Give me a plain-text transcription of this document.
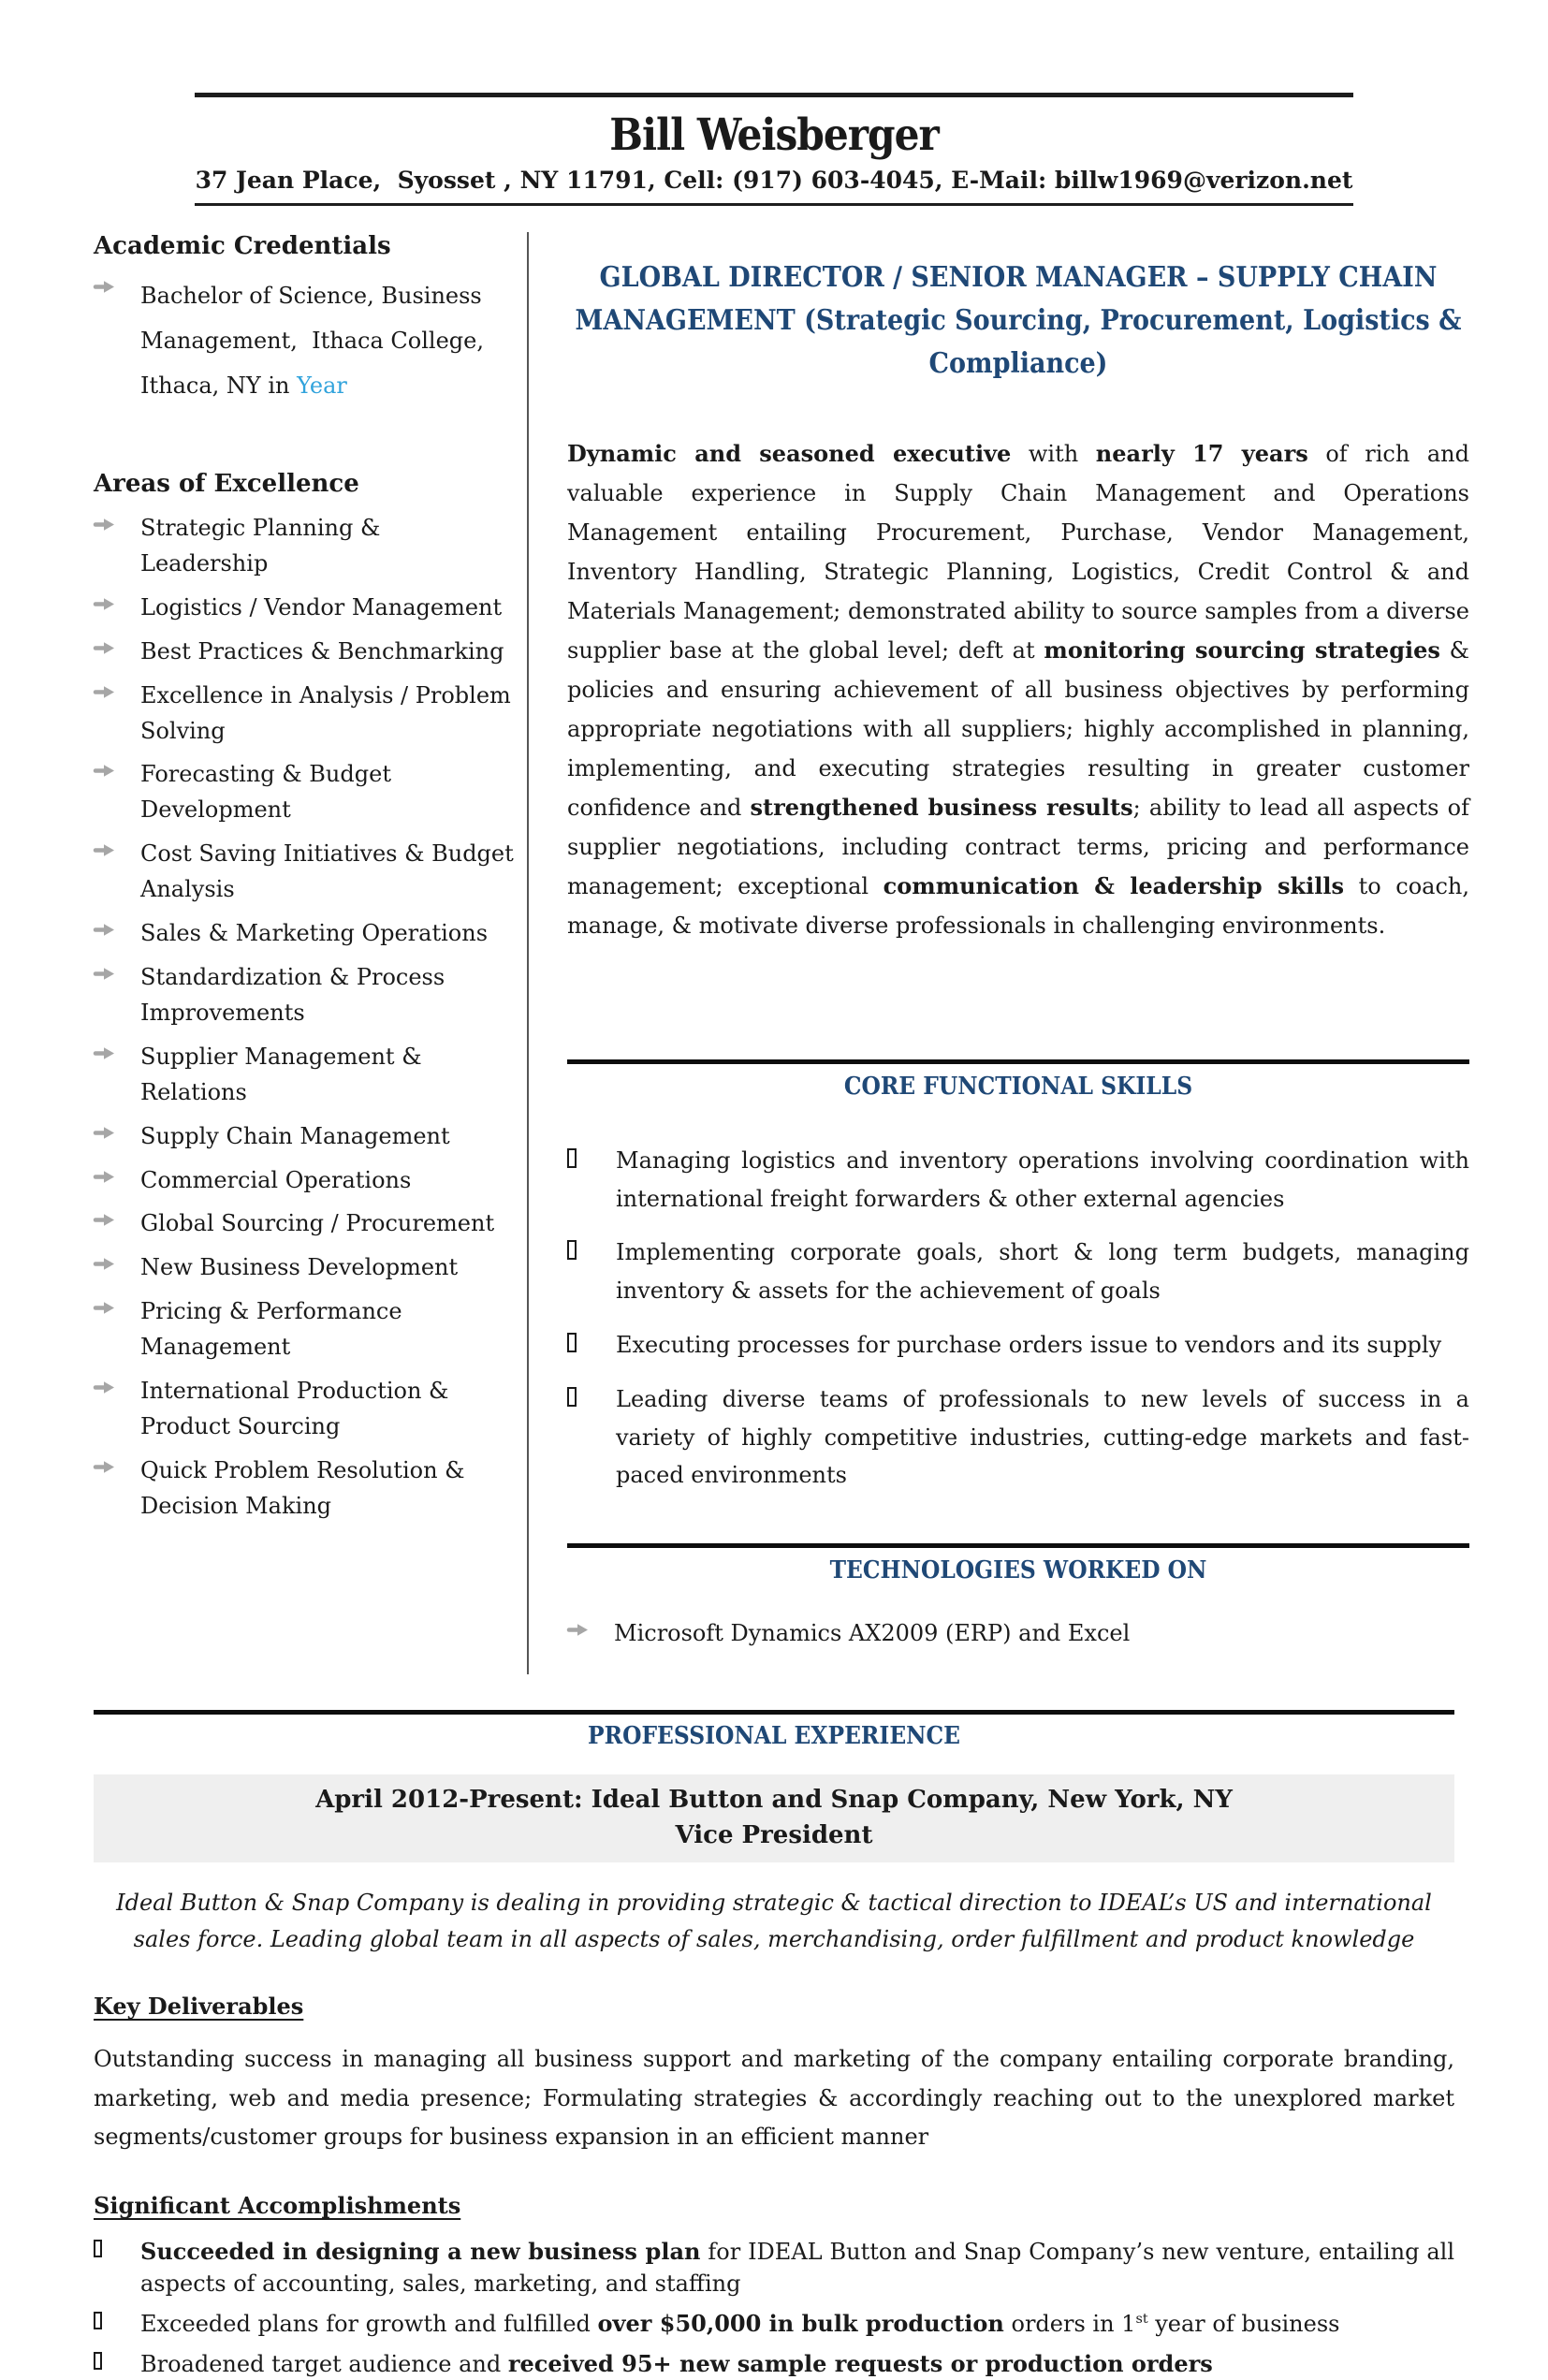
Bill Weisberger
37 Jean Place,  Syosset , NY 11791, Cell: (917) 603-4045, E-Mail: billw1969@verizon.net
Academic Credentials
Bachelor of Science, Business Management,  Ithaca College, Ithaca, NY in Year
Areas of Excellence
Strategic Planning & Leadership
Logistics / Vendor Management
Best Practices & Benchmarking
Excellence in Analysis / Problem Solving
Forecasting & Budget Development
Cost Saving Initiatives & Budget Analysis
Sales & Marketing Operations
Standardization & Process Improvements
Supplier Management & Relations
Supply Chain Management
Commercial Operations
Global Sourcing / Procurement
New Business Development
Pricing & Performance Management
International Production & Product Sourcing
Quick Problem Resolution & Decision Making
GLOBAL DIRECTOR / SENIOR MANAGER – SUPPLY CHAIN MANAGEMENT (Strategic Sourcing, Procurement, Logistics & Compliance)

Dynamic and seasoned executive with nearly 17 years of rich and valuable experience in Supply Chain Management and Operations Management entailing Procurement, Purchase, Vendor Management, Inventory Handling, Strategic Planning, Logistics, Credit Control & and Materials Management; demonstrated ability to source samples from a diverse supplier base at the global level; deft at monitoring sourcing strategies & policies and ensuring achievement of all business objectives by performing appropriate negotiations with all suppliers; highly accomplished in planning, implementing, and executing strategies resulting in greater customer confidence and strengthened business results; ability to lead all aspects of supplier negotiations, including contract terms, pricing and performance management; exceptional communication & leadership skills to coach, manage, & motivate diverse professionals in challenging environments.

CORE FUNCTIONAL SKILLS
Managing logistics and inventory operations involving coordination with international freight forwarders & other external agencies
Implementing corporate goals, short & long term budgets, managing inventory & assets for the achievement of goals
Executing processes for purchase orders issue to vendors and its supply
Leading diverse teams of professionals to new levels of success in a variety of highly competitive industries, cutting-edge markets and fast-paced environments
TECHNOLOGIES WORKED ON
Microsoft Dynamics AX2009 (ERP) and Excel
PROFESSIONAL EXPERIENCE
April 2012-Present: Ideal Button and Snap Company, New York, NY
Vice President

Ideal Button & Snap Company is dealing in providing strategic & tactical direction to IDEAL’s US and international sales force. Leading global team in all aspects of sales, merchandising, order fulfillment and product knowledge

Key Deliverables

Outstanding success in managing all business support and marketing of the company entailing corporate branding, marketing, web and media presence; Formulating strategies & accordingly reaching out to the unexplored market segments/customer groups for business expansion in an efficient manner

Significant Accomplishments
Succeeded in designing a new business plan for IDEAL Button and Snap Company’s new venture, entailing all aspects of accounting, sales, marketing, and staffing
Exceeded plans for growth and fulfilled over $50,000 in bulk production orders in 1st year of business
Broadened target audience and received 95+ new sample requests or production orders
